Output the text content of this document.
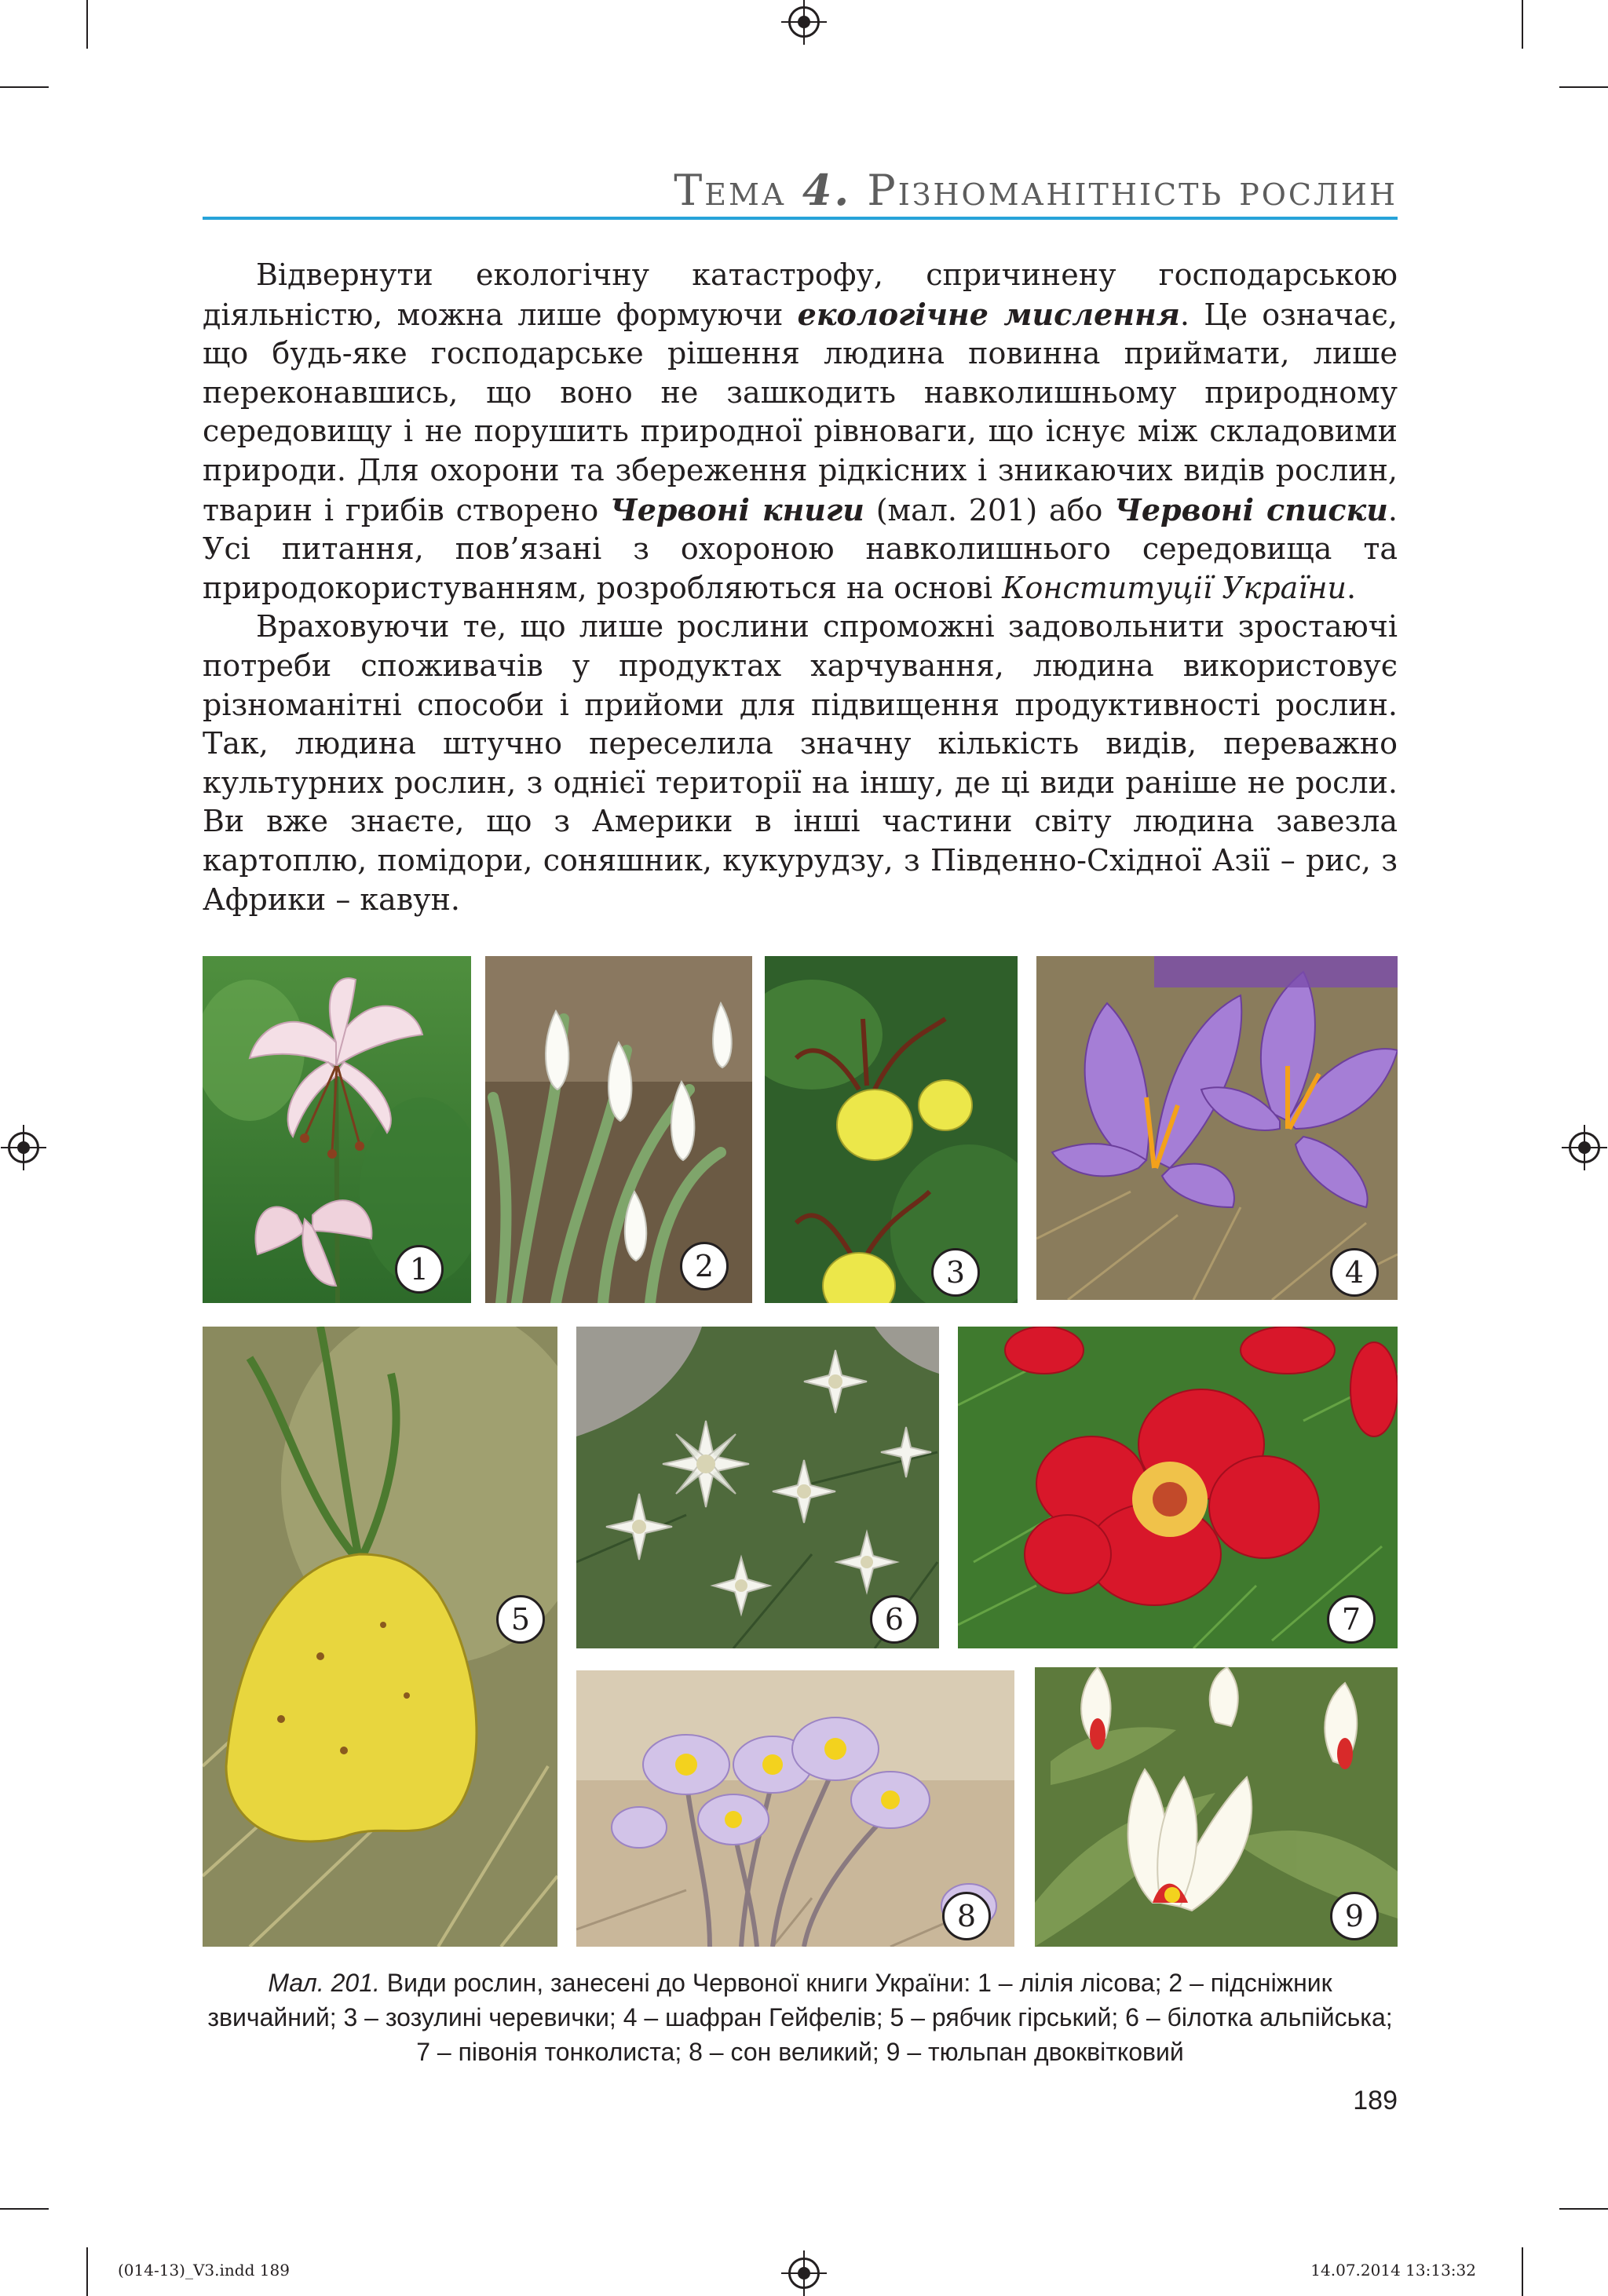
Тема 4. Різноманітність рослин

Відвернути екологічну катастрофу, спричинену господарською діяльністю, можна лише формуючи екологічне мислення. Це означає, що будь-яке господарське рішення людина повинна приймати, лише переконавшись, що воно не зашкодить навколишньому природному середовищу і не порушить природної рівноваги, що існує між складовими природи. Для охорони та збереження рідкісних і зникаючих видів рослин, тварин і грибів створено Червоні книги (мал. 201) або Червоні списки. Усі питання, пов’язані з охороною навколишнього середовища та природокористуванням, розробляються на основі Конституції України.

Враховуючи те, що лише рослини спроможні задовольнити зростаючі потреби споживачів у продуктах харчування, людина використовує різноманітні способи і прийоми для підвищення продуктивності рослин. Так, людина штучно переселила значну кількість видів, переважно культурних рослин, з однієї території на іншу, де ці види раніше не росли. Ви вже знаєте, що з Америки в інші частини світу людина завезла картоплю, помідори, соняшник, кукурудзу, з Південно-Східної Азії – рис, з Африки – кавун.

1	2	3	4
5	6	7
8	9
Мал. 201. Види рослин, занесені до Червоної книги України: 1 – лілія лісова; 2 – підсніжник звичайний; 3 – зозулині черевички; 4 – шафран Гейфелів; 5 – рябчик гірський; 6 – білотка альпійська; 7 – півонія тонколиста; 8 – сон великий; 9 – тюльпан двоквітковий
189
(014-13)_V3.indd 189	14.07.2014 13:13:32
